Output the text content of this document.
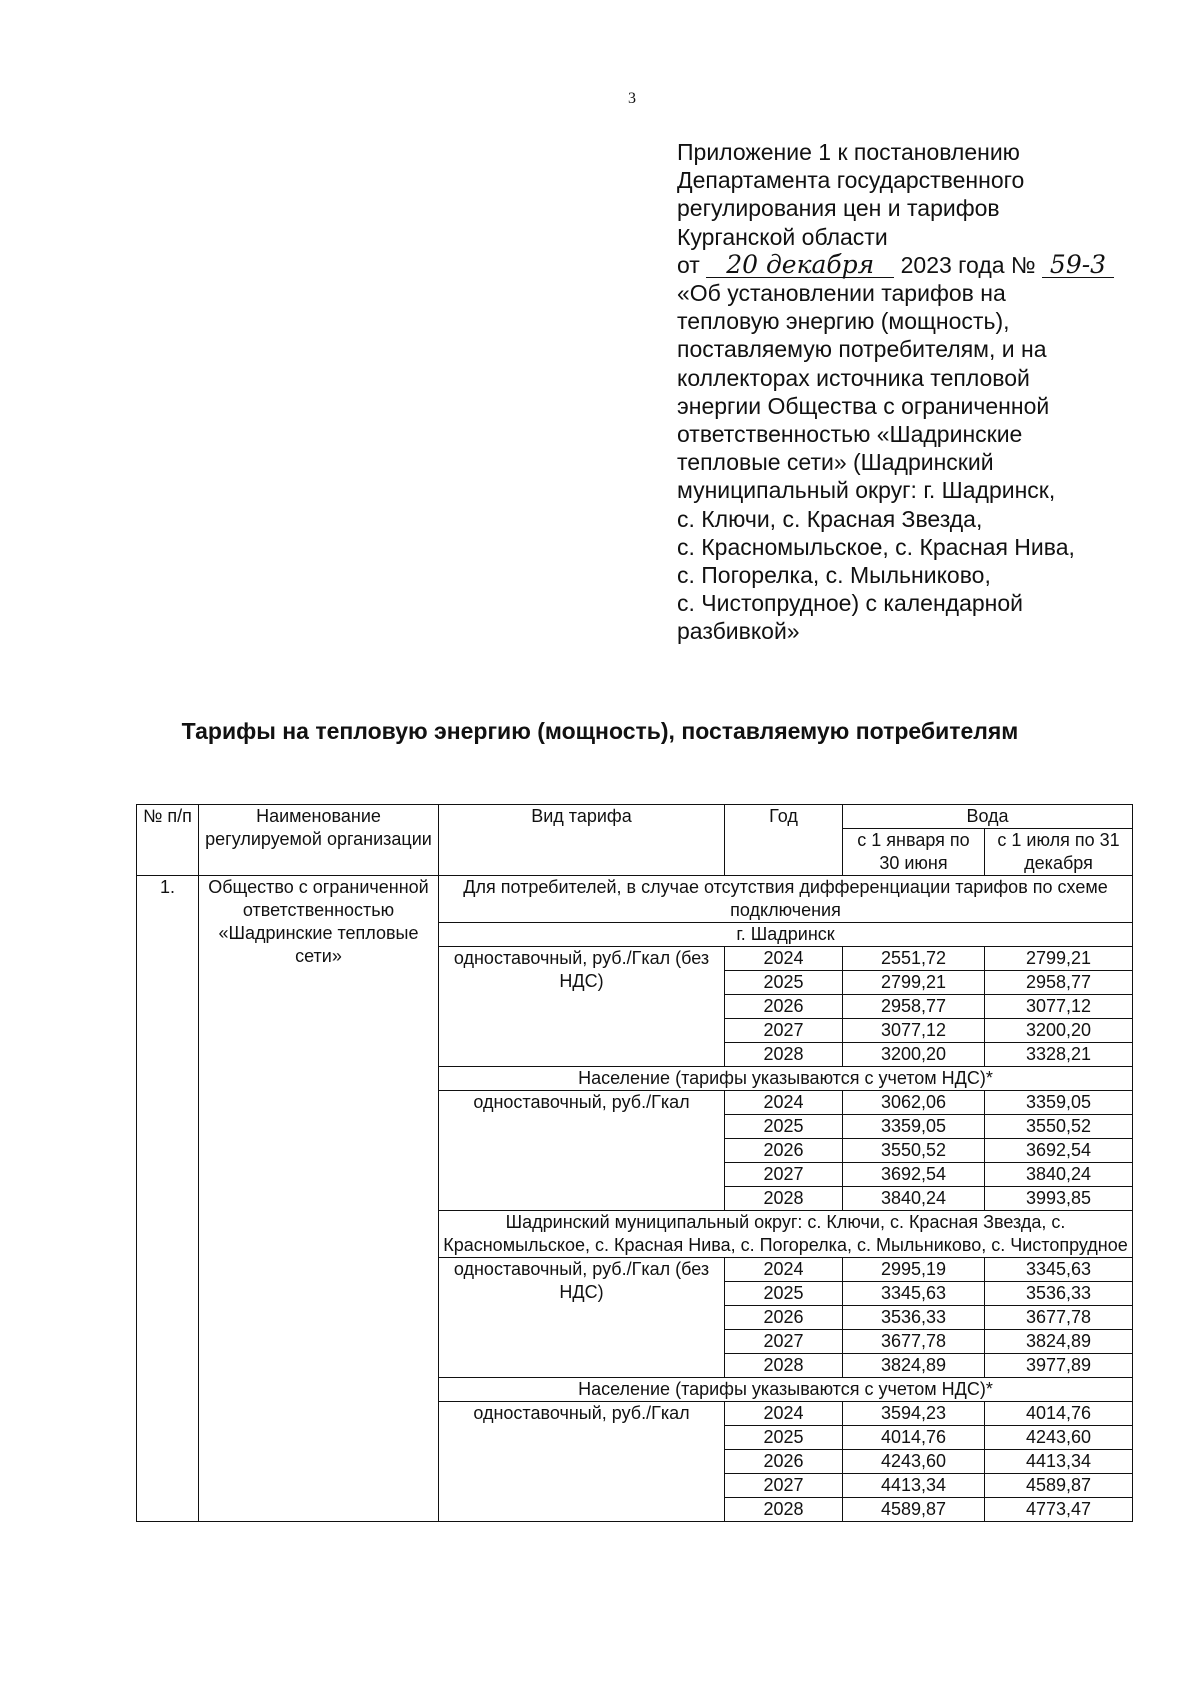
3
Приложение 1 к постановлению
Департамента государственного
регулирования цен и тарифов
Курганской области
от 20 декабря 2023 года № 59-3
«Об установлении тарифов на
тепловую энергию (мощность),
поставляемую потребителям, и на
коллекторах источника тепловой
энергии Общества с ограниченной
ответственностью «Шадринские
тепловые сети» (Шадринский
муниципальный округ: г. Шадринск,
с. Ключи, с. Красная Звезда,
с. Красномыльское, с. Красная Нива,
с. Погорелка, с. Мыльниково,
с. Чистопрудное) с календарной
разбивкой»
Тарифы на тепловую энергию (мощность), поставляемую потребителям
№ п/п	Наименование регулируемой организации	Вид тарифа	Год	Вода	
				с 1 января по 30 июня	с 1 июля по 31 декабря
1.	Общество с ограниченной ответственностью «Шадринские тепловые сети»	Для потребителей, в случае отсутствия дифференциации тарифов по схеме подключения			
		г. Шадринск			
		одноставочный, руб./Гкал (без НДС)	2024	2551,72	2799,21
			2025	2799,21	2958,77
			2026	2958,77	3077,12
			2027	3077,12	3200,20
			2028	3200,20	3328,21
		Население (тарифы указываются с учетом НДС)*			
		одноставочный, руб./Гкал	2024	3062,06	3359,05
			2025	3359,05	3550,52
			2026	3550,52	3692,54
			2027	3692,54	3840,24
			2028	3840,24	3993,85
		Шадринский муниципальный округ: с. Ключи, с. Красная Звезда, с. Красномыльское, с. Красная Нива, с. Погорелка, с. Мыльниково, с. Чистопрудное			
		одноставочный, руб./Гкал (без НДС)	2024	2995,19	3345,63
			2025	3345,63	3536,33
			2026	3536,33	3677,78
			2027	3677,78	3824,89
			2028	3824,89	3977,89
		Население (тарифы указываются с учетом НДС)*			
		одноставочный, руб./Гкал	2024	3594,23	4014,76
			2025	4014,76	4243,60
			2026	4243,60	4413,34
			2027	4413,34	4589,87
			2028	4589,87	4773,47
